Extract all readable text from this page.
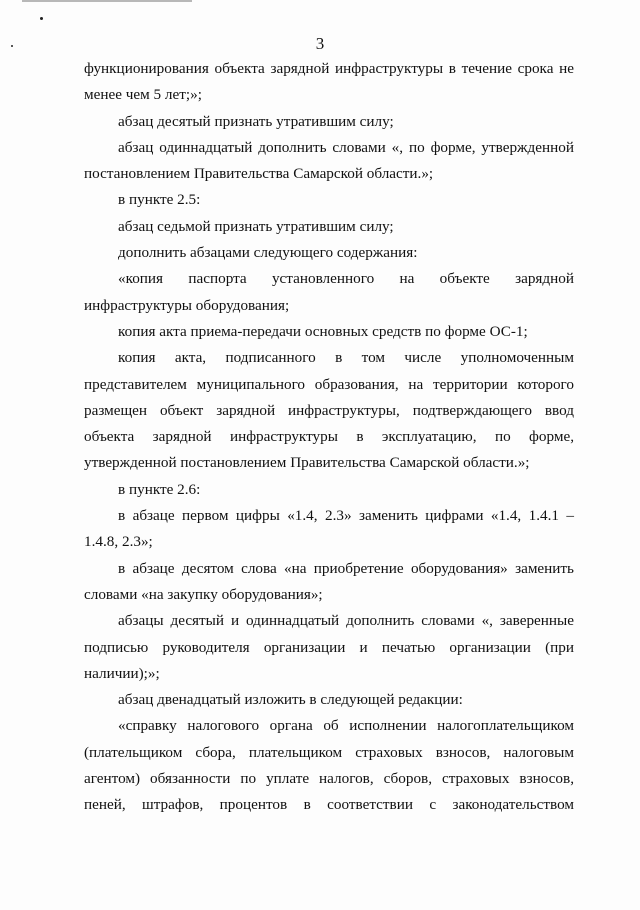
3

функционирования объекта зарядной инфраструктуры в течение срока не менее чем 5 лет;»;

абзац десятый признать утратившим силу;

абзац одиннадцатый дополнить словами «, по форме, утвержденной постановлением Правительства Самарской области.»;

в пункте 2.5:

абзац седьмой признать утратившим силу;

дополнить абзацами следующего содержания:

«копия паспорта установленного на объекте зарядной инфраструктуры оборудования;

копия акта приема-передачи основных средств по форме ОС-1;

копия акта, подписанного в том числе уполномоченным представителем муниципального образования, на территории которого размещен объект зарядной инфраструктуры, подтверждающего ввод объекта зарядной инфраструктуры в эксплуатацию, по форме, утвержденной постановлением Правительства Самарской области.»;

в пункте 2.6:

в абзаце первом цифры «1.4, 2.3» заменить цифрами «1.4, 1.4.1 – 1.4.8, 2.3»;

в абзаце десятом слова «на приобретение оборудования» заменить словами «на закупку оборудования»;

абзацы десятый и одиннадцатый дополнить словами «, заверенные подписью руководителя организации и печатью организации (при наличии);»;

абзац двенадцатый изложить в следующей редакции:

«справку налогового органа об исполнении налогоплательщиком (плательщиком сбора, плательщиком страховых взносов, налоговым агентом) обязанности по уплате налогов, сборов, страховых взносов, пеней, штрафов, процентов в соответствии с законодательством
